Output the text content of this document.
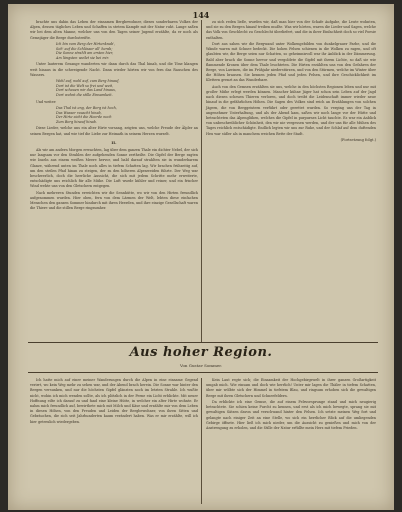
144

brachte uns dahin das Leben der einsamen Bergbewohner, dieses sonderbaren Volkes der Alpen, dessen tägliches Leben und Schaffen in stetem Kampfe mit der Natur ruht. Lange saßen wir bei dem alten Manne, welcher uns von den Tagen seiner Jugend erzählte, da er noch als Gemsjäger die Berge durchstreifte.

Ich bin vom Berg der Hirtenknab',
Seh' auf die Schlösser all' herab;
Die Sonne strahlt am ersten hier,
Am längsten weilet sie bei mir.

Unter lauterem Gesange wanderten wir dann durch das Thal hinab, und die Töne klangen weit hinaus in die schweigende Nacht. Dann wieder hörten wir von fern das Rauschen des Wassers.

Wohl auf, wohl auf, zum Berg hinauf,
Dort ist die Welt so frei und weit,
Dort schauen wir das Land hinaus,
Dort wohnt die stille Einsamkeit.

Und weiter:

Das Thal ist eng, der Berg ist hoch,
Das Wasser rauscht hinab,
Der Hirte zieht die Heerde noch
Zum Berg hinauf hinab.

Diese Lieder, welche uns ein alter Hirte vorsang, zeigten uns, welche Freude der Älpler an seinen Bergen hat, und wie tief die Liebe zur Heimath in seinem Herzen wurzelt.

II.

Als wir am andern Morgen erwachten, lag über dem ganzen Thale ein dichter Nebel, der sich nur langsam vor den Strahlen der aufgehenden Sonne zertheilte. Die Gipfel der Berge ragten wie Inseln aus einem weißen Meere hervor, und bald darauf strahlten sie in wunderbarem Glanze, während unten im Thale noch alles in tiefem Schatten lag. Wir brachen frühzeitig auf, um den steilen Pfad hinan zu steigen, der zu den höheren Alpenweiden führte. Der Weg war beschwerlich, doch die herrliche Aussicht, die sich mit jedem Schritte mehr erweiterte, entschädigte uns reichlich für alle Mühe. Die Luft wurde kühler und reiner, und ein frischer Wind wehte uns von den Gletschern entgegen.

Nach mehreren Stunden erreichten wir die Sennhütte, wo wir von den Hirten freundlich aufgenommen wurden. Hier oben, fern von dem Lärmen der Welt, lebten diese einfachen Menschen den ganzen Sommer hindurch mit ihren Heerden, und ihre einzige Gesellschaft waren die Thiere und die stillen Berge ringsumher.

zu sich reden ließe, wurden wir, daß man hier von der Schafe Aufgabe, die Leute wohnten, und sie zu den Bergen hinauf treiben mußte. Was wir hörten, waren die Lieder und Sagen, welche das Volk von Geschlecht zu Geschlecht überliefert, und die in ihrer Einfachheit doch so viel Poesie enthalten.

Dort aus sahen wir die Bergwand unter Wolkengebilden von dunkelgrauer Farbe, und die Wände waren mit Schnee bedeckt. Die hohen Felsen schienen in die Wolken zu ragen, und oft glaubten wir, die Berge seien nur Schatten, so geheimnisvoll war ihr Anblick in der Dämmerung. Bald aber brach die Sonne hervor und vergoldete die Gipfel mit ihrem Lichte, so daß sie wie flammende Kronen über dem Thale leuchteten. Die Hirten erzählten uns von den Gefahren der Berge, von Lawinen, die im Frühjahr niederstürzen, und von den Stürmen, welche im Winter über die Höhen brausen. Sie kennen jeden Pfad und jeden Felsen, und ihre Geschicklichkeit im Klettern grenzt an das Wunderbare.

Auch von den Gemsen erzählten sie uns, welche in den höchsten Regionen leben und nur mit großer Mühe erlegt werden können. Mancher kühne Jäger hat schon sein Leben auf der Jagd nach diesen scheuen Thieren verloren, und doch treibt die Leidenschaft immer wieder neue hinauf in die gefährlichen Höhen. Die Sagen des Volkes sind reich an Erzählungen von solchen Jägern, die von Berggeistern verführt oder gerettet wurden. So verging uns der Tag in angenehmer Unterhaltung, und als der Abend kam, saßen wir noch lange vor der Hütte und betrachteten das Alpenglühen, welches die Gipfel in purpurnes Licht tauchte. Es war ein Anblick von unbeschreiblicher Schönheit, den wir nie vergessen werden, und der uns für alle Mühen des Tages reichlich entschädigte. Endlich legten wir uns zur Ruhe, und der Schlaf auf dem duftenden Heu war süßer als in manchem weichen Bette der Stadt.

(Fortsetzung folgt.)
Aus hoher Region.
Von Gustav Sommer.

Ich hatte mich auf einer meiner Wanderungen durch die Alpen in eine einsame Gegend verirrt, wo kein Weg mehr zu sehen war, und der Abend brach herein. Die Sonne war hinter den Bergen versunken, und nur die höchsten Gipfel glänzten noch im letzten Strahle. Ich wußte nicht, wohin ich mich wenden sollte, als ich plötzlich in der Ferne ein Licht erblickte. Mit neuer Hoffnung eilte ich darauf zu und fand eine kleine Hütte, in welcher ein alter Hirte wohnte. Er nahm mich freundlich auf, bewirthete mich mit Milch und Käse und erzählte mir von dem Leben in diesen Höhen, von den Freuden und Leiden der Bergbewohner, von ihren Sitten und Gebräuchen, die sich seit Jahrhunderten kaum verändert haben. Was er mir erzählte, will ich hier getreulich wiedergeben.

Kein Laut regte sich; die Einsamkeit der Hochgebirgswelt in ihrer ganzen Großartigkeit umgab mich. Wie einsam und doch wie herrlich! Unter mir lagen die Thäler in tiefem Schatten, über mir wölbte sich der Himmel in tiefstem Blau, und ringsum erhoben sich die gewaltigen Berge mit ihren Gletschern und Schneefeldern.

Da erblickte ich eine Gemse, die auf einem Felsvorsprunge stand und mich neugierig betrachtete. Sie schien keine Furcht zu kennen, und erst als ich mich bewegte, sprang sie mit gewaltigen Sätzen davon und verschwand hinter den Felsen. Ich setzte meinen Weg fort und gelangte nach einiger Zeit an eine Stelle, wo sich ein herrlicher Blick auf die umliegenden Gebirge öffnete. Hier ließ ich mich nieder, um die Aussicht zu genießen und mich von der Anstrengung zu erholen, und die Stille der Natur erfüllte mein Herz mit tiefem Frieden.
